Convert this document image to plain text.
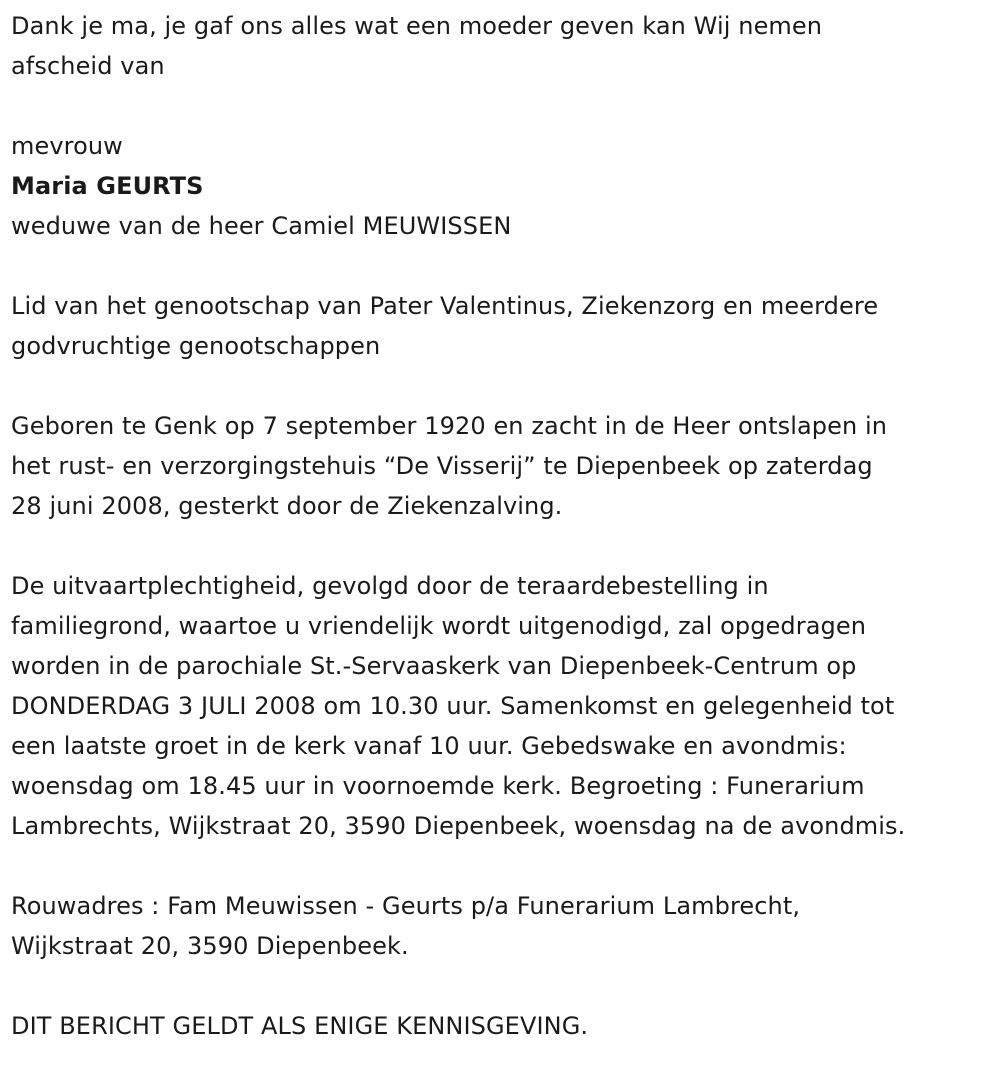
Dank je ma, je gaf ons alles wat een moeder geven kan Wij nemen

afscheid van

mevrouw

Maria GEURTS

weduwe van de heer Camiel MEUWISSEN

Lid van het genootschap van Pater Valentinus, Ziekenzorg en meerdere

godvruchtige genootschappen

Geboren te Genk op 7 september 1920 en zacht in de Heer ontslapen in

het rust- en verzorgingstehuis “De Visserij” te Diepenbeek op zaterdag

28 juni 2008, gesterkt door de Ziekenzalving.

De uitvaartplechtigheid, gevolgd door de teraardebestelling in

familiegrond, waartoe u vriendelijk wordt uitgenodigd, zal opgedragen

worden in de parochiale St.-Servaaskerk van Diepenbeek-Centrum op

DONDERDAG 3 JULI 2008 om 10.30 uur. Samenkomst en gelegenheid tot

een laatste groet in de kerk vanaf 10 uur. Gebedswake en avondmis:

woensdag om 18.45 uur in voornoemde kerk. Begroeting : Funerarium

Lambrechts, Wijkstraat 20, 3590 Diepenbeek, woensdag na de avondmis.

Rouwadres : Fam Meuwissen - Geurts p/a Funerarium Lambrecht,

Wijkstraat 20, 3590 Diepenbeek.

DIT BERICHT GELDT ALS ENIGE KENNISGEVING.
